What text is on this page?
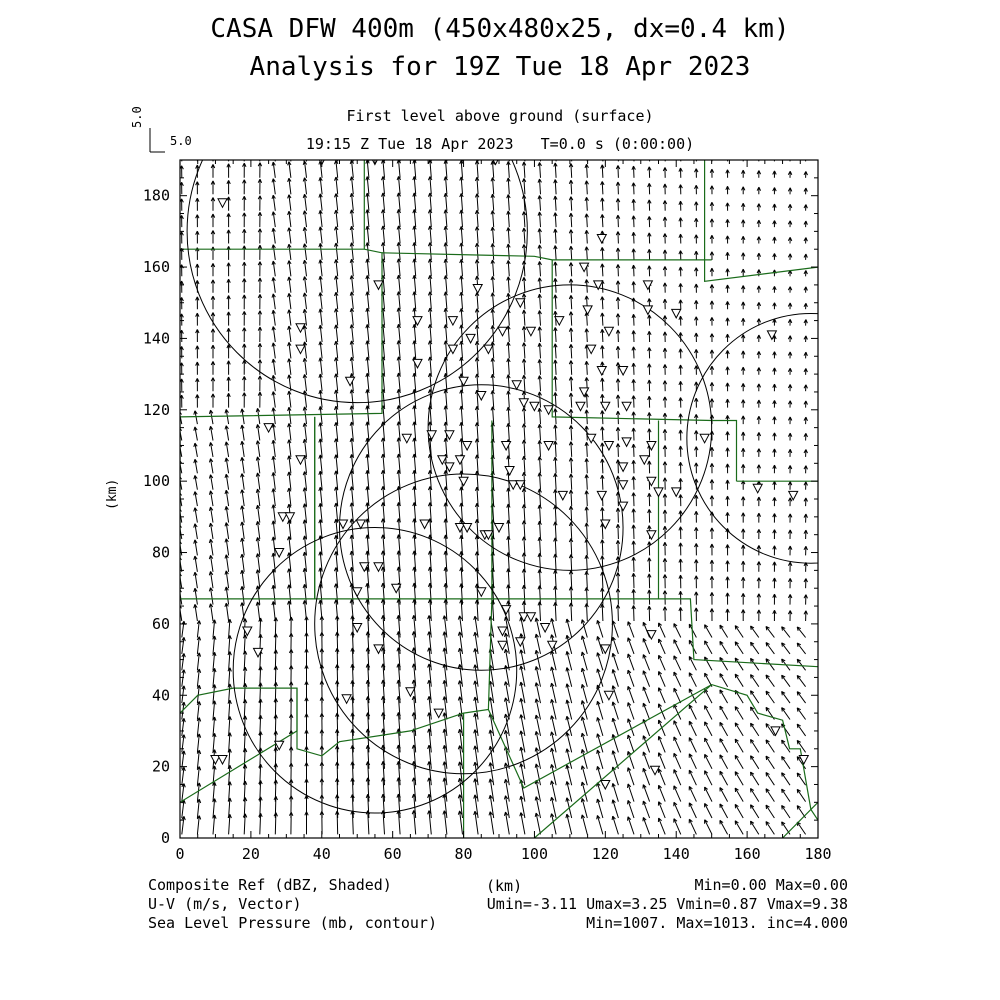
CASA DFW 400m (450x480x25, dx=0.4 km)
Analysis for 19Z Tue 18 Apr 2023
First level above ground (surface)
19:15 Z Tue 18 Apr 2023   T=0.0 s (0:00:00)
5.0
5.0
(km)
0	20	40	60	80	100	120	140	160	180
0
20
40
60
80
100
120
140
160
180
Composite Ref (dBZ, Shaded)
U-V (m/s, Vector)
Sea Level Pressure (mb, contour)
(km)	Min=0.00 Max=0.00
Umin=-3.11 Umax=3.25 Vmin=0.87 Vmax=9.38
Min=1007. Max=1013. inc=4.000
